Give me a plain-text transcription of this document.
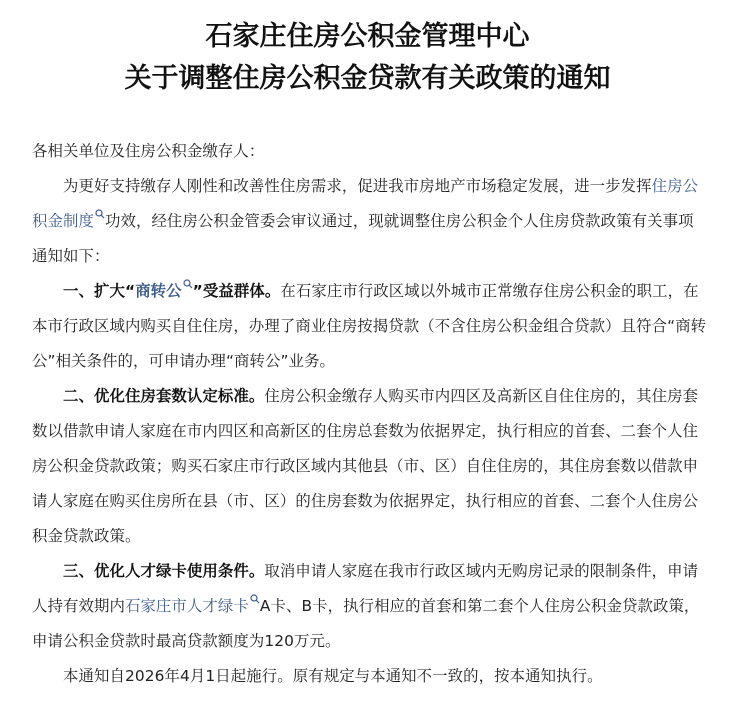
石家庄住房公积金管理中心
关于调整住房公积金贷款有关政策的通知

各相关单位及住房公积金缴存人：

为更好支持缴存人刚性和改善性住房需求，促进我市房地产市场稳定发展，进一步发挥住房公积金制度 功效，经住房公积金管委会审议通过，现就调整住房公积金个人住房贷款政策有关事项通知如下：

一、扩大“商转公 ”受益群体。在石家庄市行政区域以外城市正常缴存住房公积金的职工，在本市行政区域内购买自住住房，办理了商业住房按揭贷款（不含住房公积金组合贷款）且符合“商转公”相关条件的，可申请办理“商转公”业务。

二、优化住房套数认定标准。住房公积金缴存人购买市内四区及高新区自住住房的，其住房套数以借款申请人家庭在市内四区和高新区的住房总套数为依据界定，执行相应的首套、二套个人住房公积金贷款政策；购买石家庄市行政区域内其他县（市、区）自住住房的，其住房套数以借款申请人家庭在购买住房所在县（市、区）的住房套数为依据界定，执行相应的首套、二套个人住房公积金贷款政策。

三、优化人才绿卡使用条件。取消申请人家庭在我市行政区域内无购房记录的限制条件，申请人持有效期内石家庄市人才绿卡 A卡、B卡，执行相应的首套和第二套个人住房公积金贷款政策，申请公积金贷款时最高贷款额度为120万元。

本通知自2026年4月1日起施行。原有规定与本通知不一致的，按本通知执行。
